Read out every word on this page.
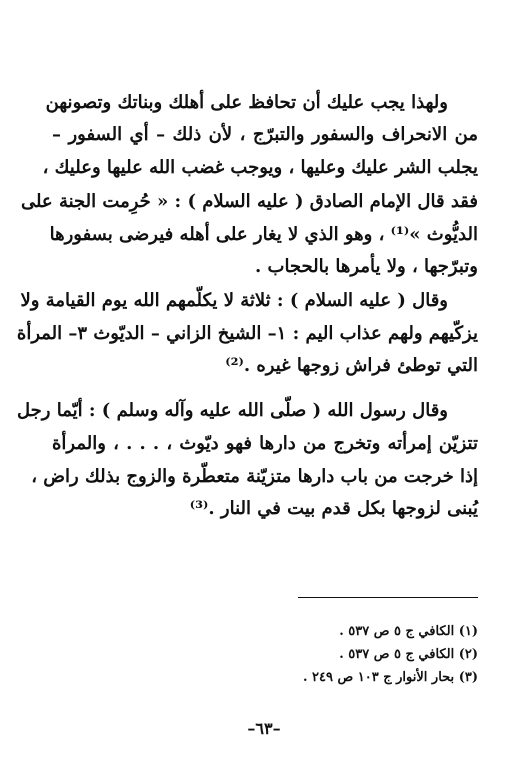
ولهذا يجب عليك أن تحافظ على أهلك وبناتك وتصونهن
من الانحراف والسفور والتبرّج ، لأن ذلك – أي السفور –
يجلب الشر عليك وعليها ، ويوجب غضب الله عليها وعليك ،
فقد قال الإمام الصادق ( عليه السلام ) : « حُرِمت الجنة على
الديُّوث »⁽¹⁾ ، وهو الذي لا يغار على أهله فيرضى بسفورها
وتبرّجها ، ولا يأمرها بالحجاب .
وقال ( عليه السلام ) : ثلاثة لا يكلّمهم الله يوم القيامة ولا
يزكّيهم ولهم عذاب اليم : ١– الشيخ الزاني – الديّوث ٣– المرأة
التي توطئ فراش زوجها غيره .⁽²⁾
وقال رسول الله ( صلّى الله عليه وآله وسلم ) : أيّما رجل
تتزيّن إمرأته وتخرج من دارها فهو ديّوث ، . . . ، والمرأة
إذا خرجت من باب دارها متزيّنة متعطّرة والزوج بذلك راض ،
يُبنى لزوجها بكل قدم بيت في النار .⁽³⁾
(١) الكافي ج ٥ ص ٥٣٧ .
(٢) الكافي ج ٥ ص ٥٣٧ .
(٣) بحار الأنوار ج ١٠٣ ص ٢٤٩ .
–٦٣–
